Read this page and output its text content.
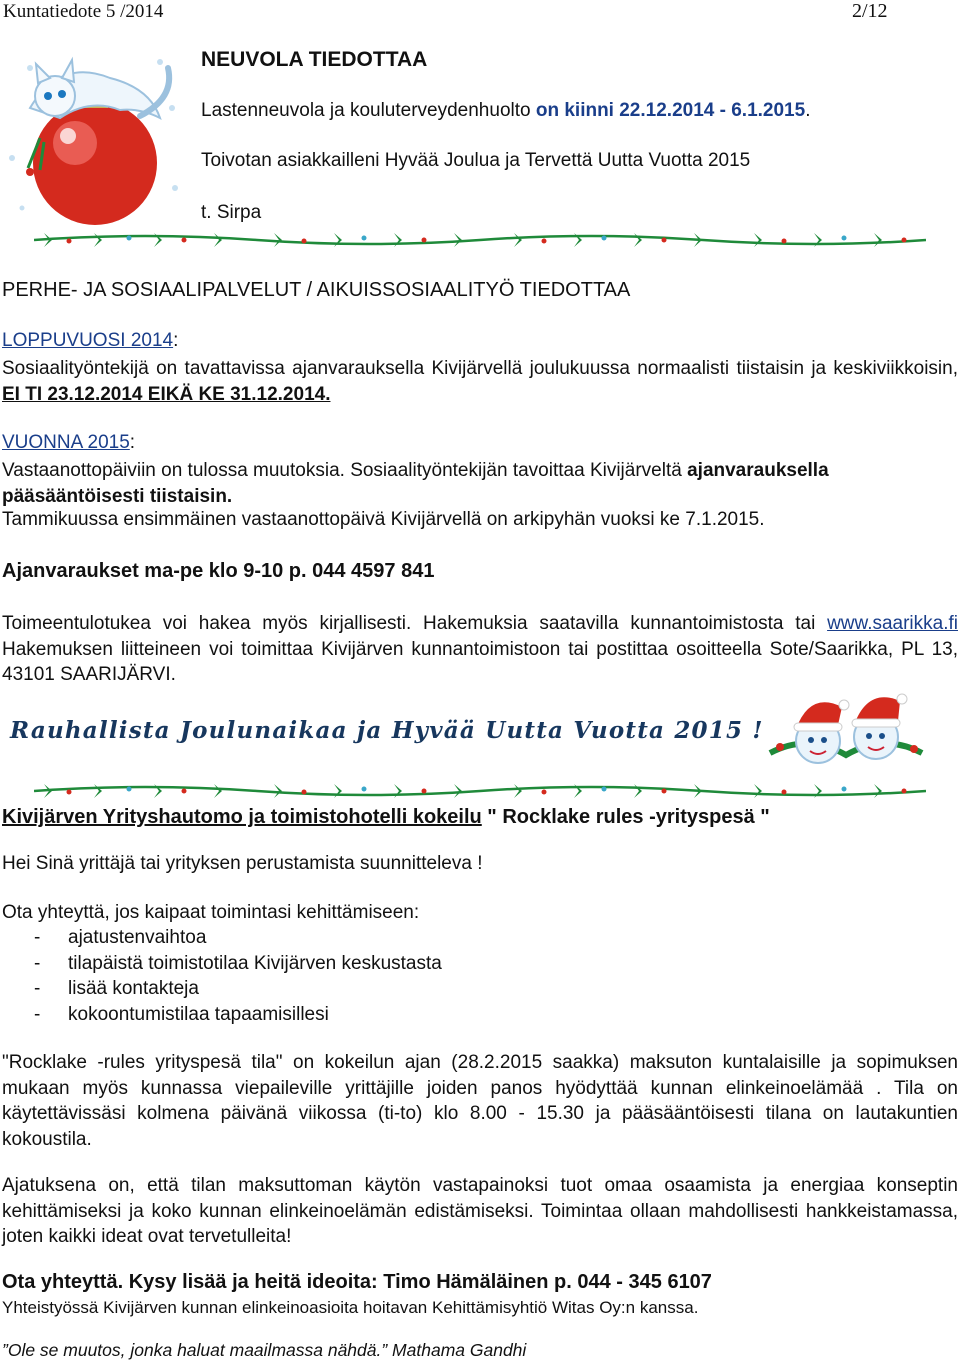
Kuntatiedote 5 /2014	2/12
NEUVOLA TIEDOTTAA
Lastenneuvola ja kouluterveydenhuolto on kiinni 22.12.2014 - 6.1.2015.
Toivotan asiakkailleni Hyvää Joulua ja Tervettä Uutta Vuotta 2015
t. Sirpa
PERHE- JA SOSIAALIPALVELUT / AIKUISSOSIAALITYÖ TIEDOTTAA
LOPPUVUOSI 2014:
Sosiaalityöntekijä on tavattavissa ajanvarauksella Kivijärvellä joulukuussa normaalisti tiistaisin ja keskiviikkoisin, EI TI 23.12.2014 EIKÄ KE 31.12.2014.
VUONNA 2015:
Vastaanottopäiviin on tulossa muutoksia. Sosiaalityöntekijän tavoittaa Kivijärveltä ajanvarauksella pääsääntöisesti tiistaisin.
Tammikuussa ensimmäinen vastaanottopäivä Kivijärvellä on arkipyhän vuoksi ke 7.1.2015.
Ajanvaraukset ma-pe klo 9-10 p. 044 4597 841
Toimeentulotukea voi hakea myös kirjallisesti. Hakemuksia saatavilla kunnantoimistosta tai www.saarikka.fi Hakemuksen liitteineen voi toimittaa Kivijärven kunnantoimistoon tai postittaa osoitteella Sote/Saarikka, PL 13, 43101 SAARIJÄRVI.
Rauhallista Joulunaikaa ja Hyvää Uutta Vuotta 2015 !
Kivijärven Yrityshautomo ja toimistohotelli kokeilu " Rocklake rules -yrityspesä "
Hei Sinä yrittäjä tai yrityksen perustamista suunnitteleva !
Ota yhteyttä, jos kaipaat toimintasi kehittämiseen:
- ajatustenvaihtoa
- tilapäistä toimistotilaa Kivijärven keskustasta
- lisää kontakteja
- kokoontumistilaa tapaamisillesi
"Rocklake -rules yrityspesä tila" on kokeilun ajan (28.2.2015 saakka) maksuton kuntalaisille ja sopimuksen mukaan myös kunnassa viераileville yrittäjille joiden panos hyödyttää kunnan elinkeinoelämää . Tila on käytettävissäsi kolmena päivänä viikossa (ti-to) klo 8.00 - 15.30 ja pääsääntöisesti tilana on lautakuntien kokoustila.
Ajatuksena on, että tilan maksuttoman käytön vastapainoksi tuot omaa osaamista ja energiaa konseptin kehittämiseksi ja koko kunnan elinkeinoelämän edistämiseksi. Toimintaa ollaan mahdollisesti hankkeistamassa, joten kaikki ideat ovat tervetulleita!
Ota yhteyttä. Kysy lisää ja heitä ideoita: Timo Hämäläinen p. 044 - 345 6107
Yhteistyössä Kivijärven kunnan elinkeinoasioita hoitavan Kehittämisyhtiö Witas Oy:n kanssa.
”Ole se muutos, jonka haluat maailmassa nähdä.” Mathama Gandhi
